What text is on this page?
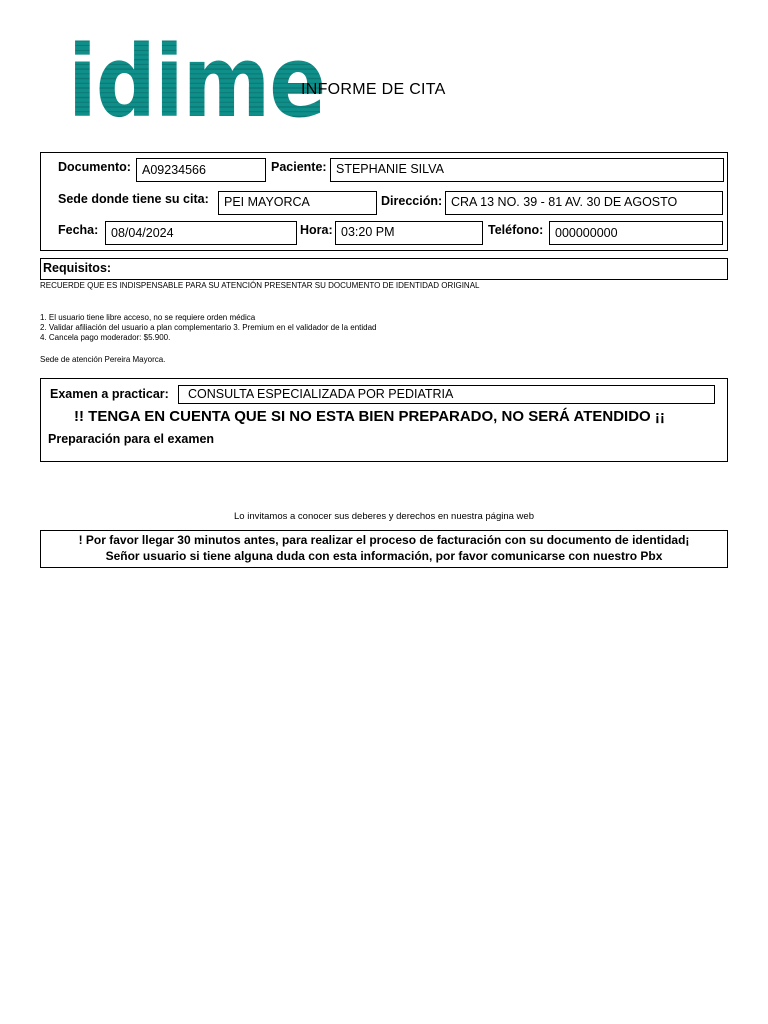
idime
INFORME DE CITA
Documento: A09234566	Paciente: STEPHANIE SILVA
Sede donde tiene su cita:	PEI MAYORCA	Dirección: CRA 13 NO. 39 - 81 AV. 30 DE AGOSTO
Fecha:	08/04/2024	Hora: 03:20 PM	Teléfono: 000000000
Requisitos:
RECUERDE QUE ES INDISPENSABLE PARA SU ATENCIÓN PRESENTAR SU DOCUMENTO DE IDENTIDAD ORIGINAL
1. El usuario tiene libre acceso, no se requiere orden médica
2. Validar afiliación del usuario a plan complementario 3. Premium en el validador de la entidad
4. Cancela pago moderador: $5.900.
Sede de atención Pereira Mayorca.
Examen a practicar:	CONSULTA ESPECIALIZADA POR PEDIATRIA
!! TENGA EN CUENTA QUE SI NO ESTA BIEN PREPARADO, NO SERÁ ATENDIDO ¡¡
Preparación para el examen
Lo invitamos a conocer sus deberes y derechos en nuestra página web
! Por favor llegar 30 minutos antes, para realizar el proceso de facturación con su documento de identidad¡
Señor usuario si tiene alguna duda con esta información, por favor comunicarse con nuestro Pbx
